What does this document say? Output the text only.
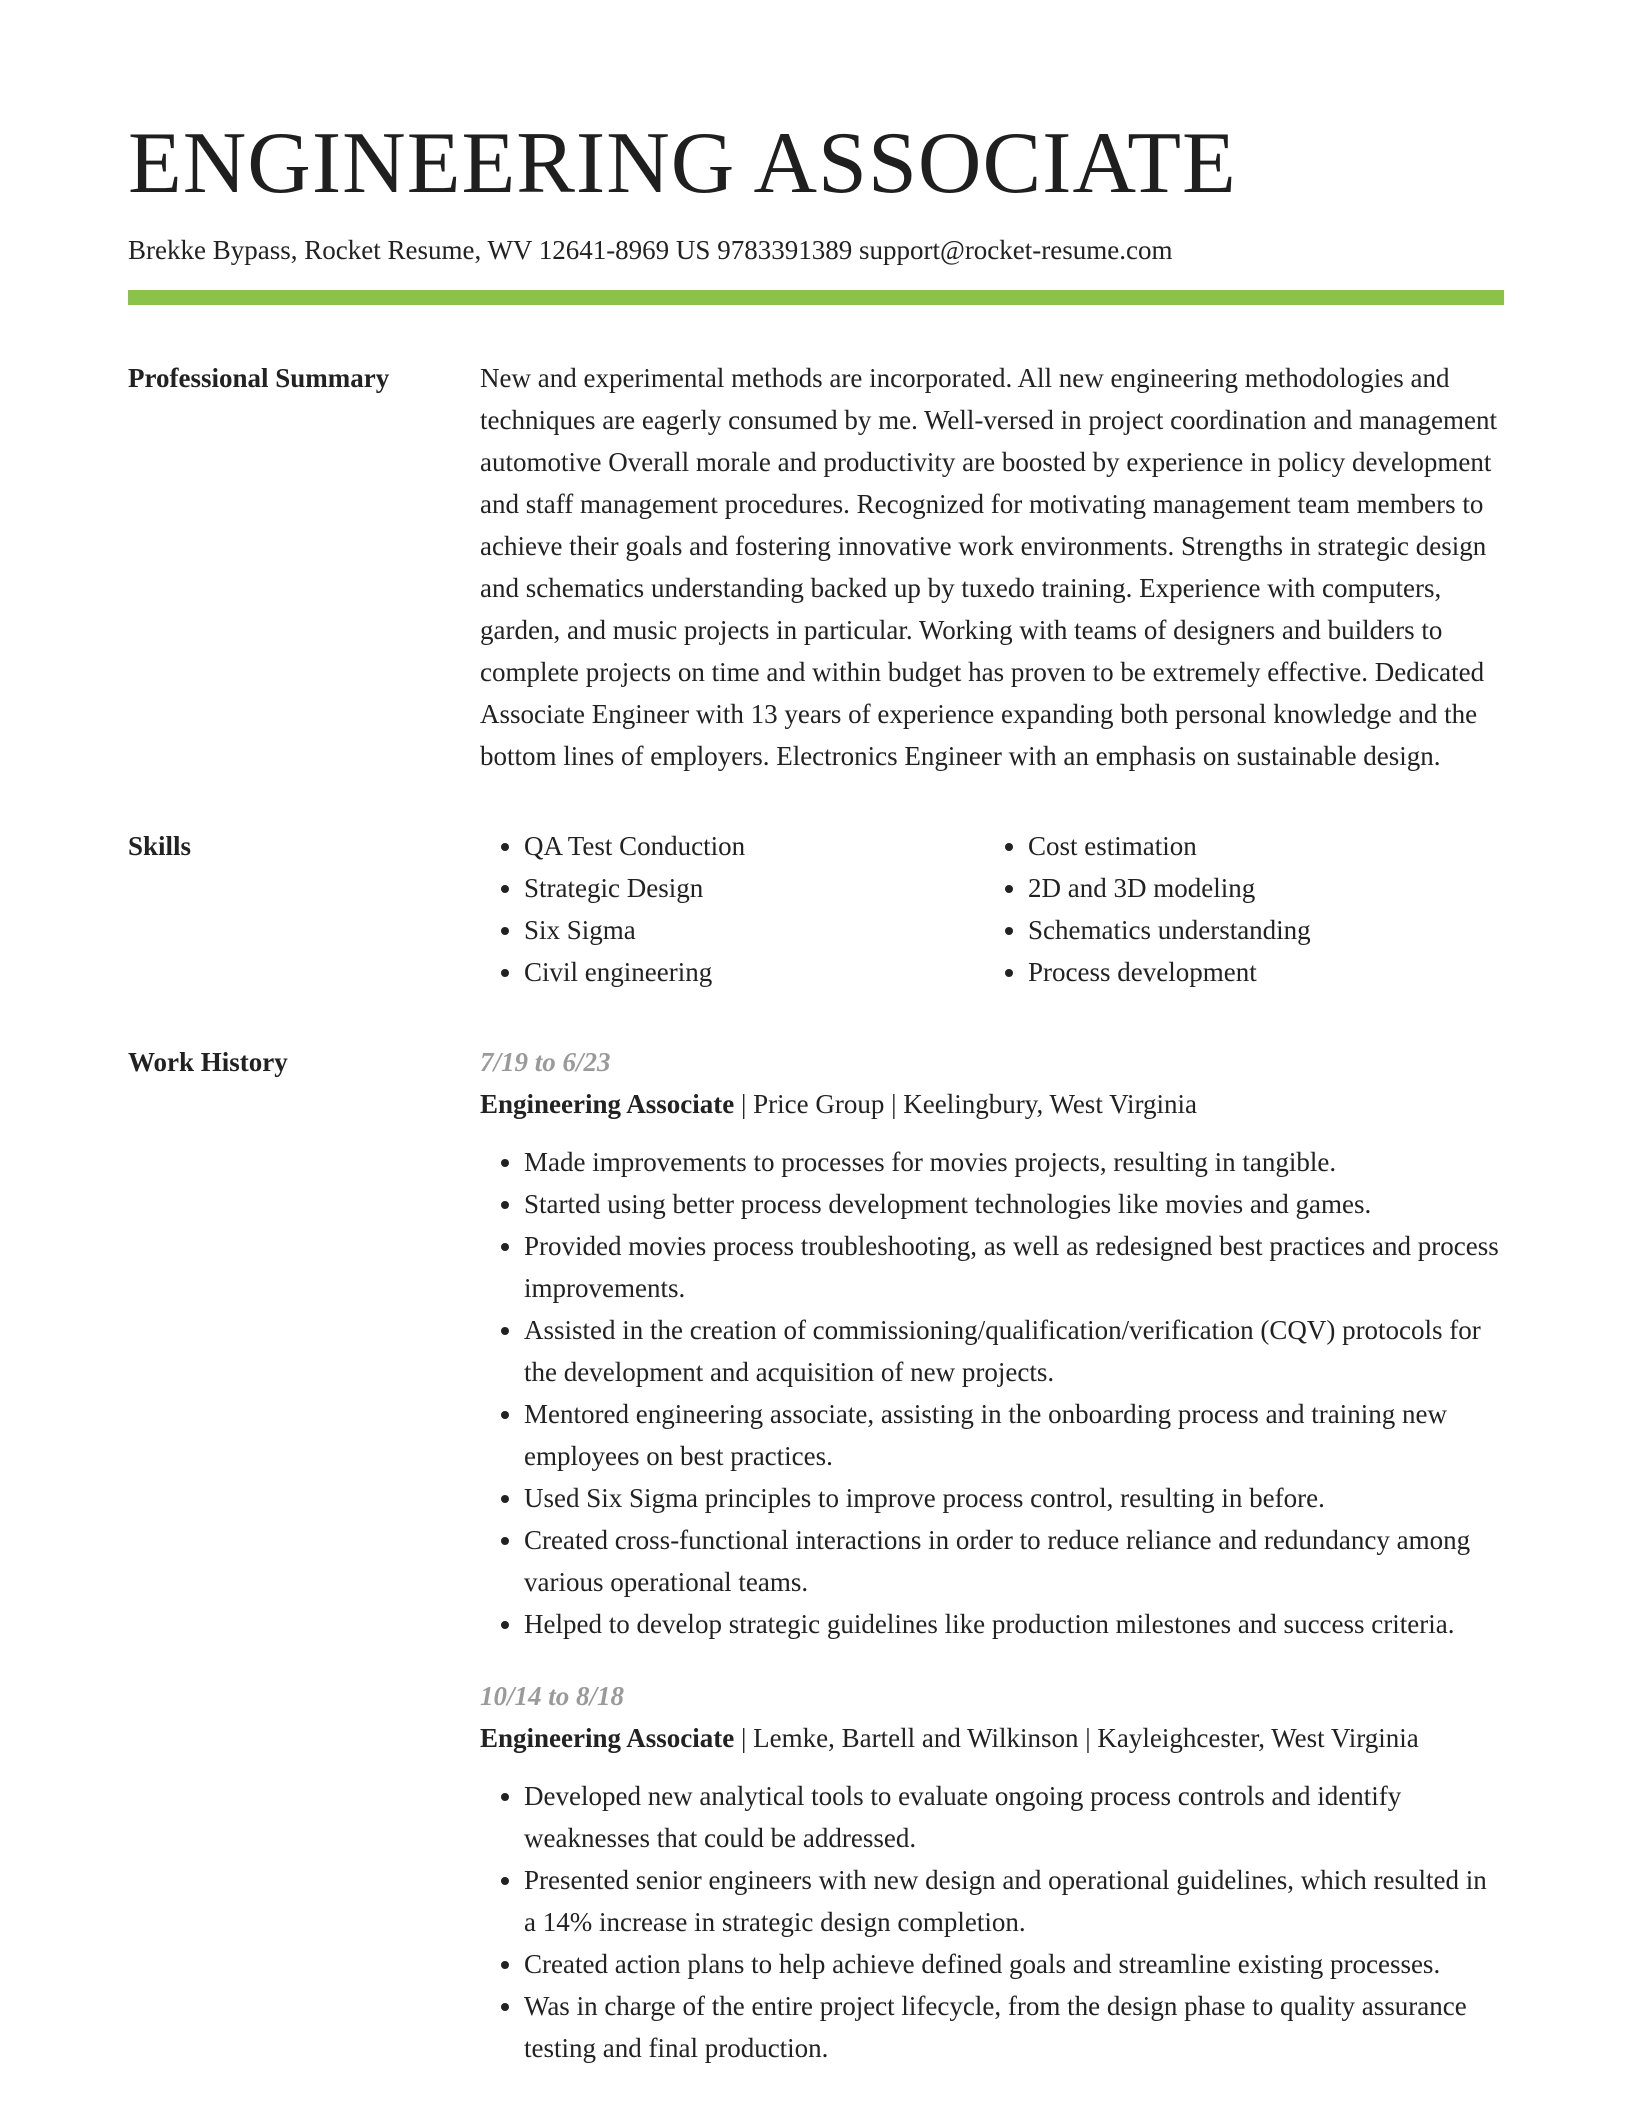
ENGINEERING ASSOCIATE
Brekke Bypass, Rocket Resume, WV 12641-8969 US 9783391389 support@rocket-resume.com
Professional Summary	New and experimental methods are incorporated. All new engineering methodologies and techniques are eagerly consumed by me. Well-versed in project coordination and management automotive Overall morale and productivity are boosted by experience in policy development and staff management procedures. Recognized for motivating management team members to achieve their goals and fostering innovative work environments. Strengths in strategic design and schematics understanding backed up by tuxedo training. Experience with computers, garden, and music projects in particular. Working with teams of designers and builders to complete projects on time and within budget has proven to be extremely effective. Dedicated Associate Engineer with 13 years of experience expanding both personal knowledge and the bottom lines of employers. Electronics Engineer with an emphasis on sustainable design.

Skills
•	QA Test Conduction
• Strategic Design
• Six Sigma
• Civil engineering
• Cost estimation
• 2D and 3D modeling
• Schematics understanding
• Process development
Work History	7/19 to 6/23
Engineering Associate | Price Group | Keelingbury, West Virginia
• Made improvements to processes for movies projects, resulting in tangible.
• Started using better process development technologies like movies and games.
• Provided movies process troubleshooting, as well as redesigned best practices and process improvements.
• Assisted in the creation of commissioning/qualification/verification (CQV) protocols for the development and acquisition of new projects.
• Mentored engineering associate, assisting in the onboarding process and training new employees on best practices.
• Used Six Sigma principles to improve process control, resulting in before.
• Created cross-functional interactions in order to reduce reliance and redundancy among various operational teams.
• Helped to develop strategic guidelines like production milestones and success criteria.
10/14 to 8/18
Engineering Associate | Lemke, Bartell and Wilkinson | Kayleighcester, West Virginia
• Developed new analytical tools to evaluate ongoing process controls and identify weaknesses that could be addressed.
• Presented senior engineers with new design and operational guidelines, which resulted in a 14% increase in strategic design completion.
• Created action plans to help achieve defined goals and streamline existing processes.
• Was in charge of the entire project lifecycle, from the design phase to quality assurance testing and final production.
